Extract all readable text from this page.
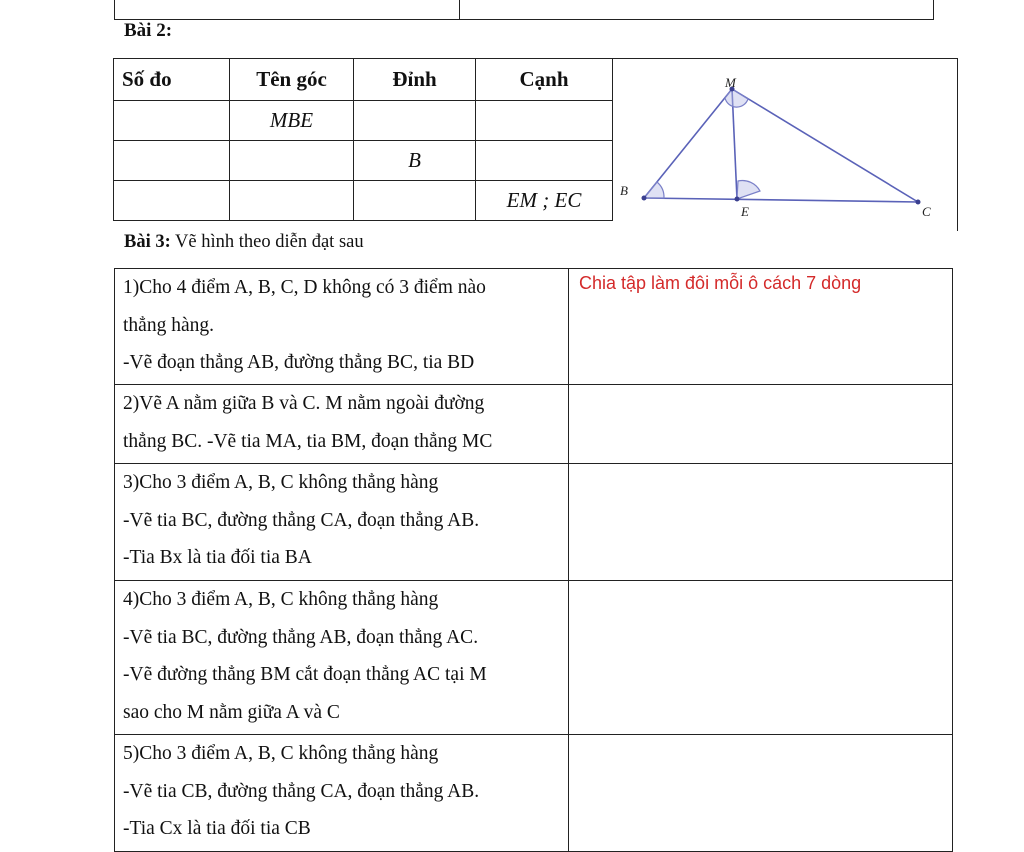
Bài 2:
Số đo	Tên góc	Đỉnh	Cạnh
	MBE		
		B	
			EM ; EC
M
B
E	C
Bài 3: Vẽ hình theo diễn đạt sau
1)Cho 4 điểm A, B, C, D không có 3 điểm nào
thẳng hàng.
-Vẽ đoạn thẳng AB, đường thẳng BC, tia BD	Chia tập làm đôi mỗi ô cách 7 dòng

2)Vẽ A nằm giữa B và C. M nằm ngoài đường
thẳng BC. -Vẽ tia MA, tia BM, đoạn thẳng MC	

3)Cho 3 điểm A, B, C không thẳng hàng
-Vẽ tia BC, đường thẳng CA, đoạn thẳng AB.
-Tia Bx là tia đối tia BA	

4)Cho 3 điểm A, B, C không thẳng hàng
-Vẽ tia BC, đường thẳng AB, đoạn thẳng AC.
-Vẽ đường thẳng BM cắt đoạn thẳng AC tại M
sao cho M nằm giữa A và C	

5)Cho 3 điểm A, B, C không thẳng hàng
-Vẽ tia CB, đường thẳng CA, đoạn thẳng AB.
-Tia Cx là tia đối tia CB	
